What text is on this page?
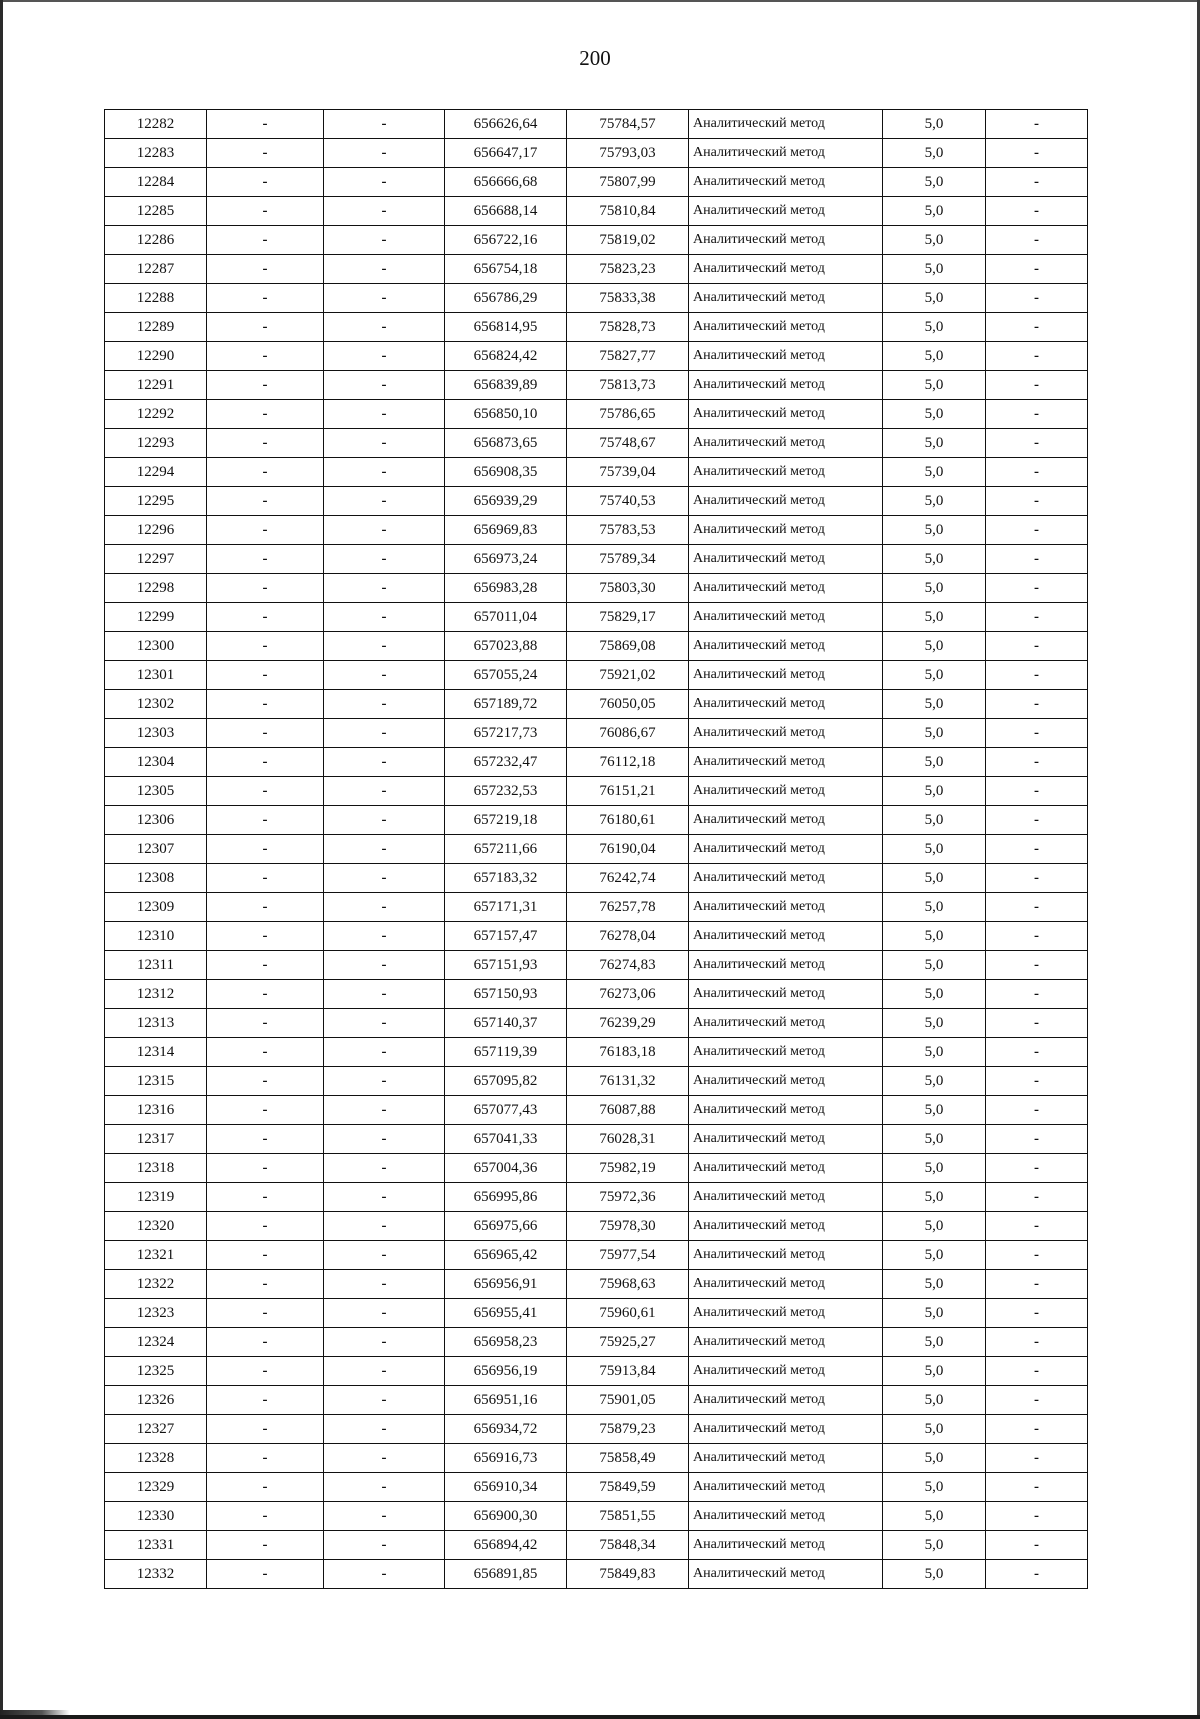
200
12282	-	-	656626,64	75784,57	Аналитический метод	5,0	-
12283	-	-	656647,17	75793,03	Аналитический метод	5,0	-
12284	-	-	656666,68	75807,99	Аналитический метод	5,0	-
12285	-	-	656688,14	75810,84	Аналитический метод	5,0	-
12286	-	-	656722,16	75819,02	Аналитический метод	5,0	-
12287	-	-	656754,18	75823,23	Аналитический метод	5,0	-
12288	-	-	656786,29	75833,38	Аналитический метод	5,0	-
12289	-	-	656814,95	75828,73	Аналитический метод	5,0	-
12290	-	-	656824,42	75827,77	Аналитический метод	5,0	-
12291	-	-	656839,89	75813,73	Аналитический метод	5,0	-
12292	-	-	656850,10	75786,65	Аналитический метод	5,0	-
12293	-	-	656873,65	75748,67	Аналитический метод	5,0	-
12294	-	-	656908,35	75739,04	Аналитический метод	5,0	-
12295	-	-	656939,29	75740,53	Аналитический метод	5,0	-
12296	-	-	656969,83	75783,53	Аналитический метод	5,0	-
12297	-	-	656973,24	75789,34	Аналитический метод	5,0	-
12298	-	-	656983,28	75803,30	Аналитический метод	5,0	-
12299	-	-	657011,04	75829,17	Аналитический метод	5,0	-
12300	-	-	657023,88	75869,08	Аналитический метод	5,0	-
12301	-	-	657055,24	75921,02	Аналитический метод	5,0	-
12302	-	-	657189,72	76050,05	Аналитический метод	5,0	-
12303	-	-	657217,73	76086,67	Аналитический метод	5,0	-
12304	-	-	657232,47	76112,18	Аналитический метод	5,0	-
12305	-	-	657232,53	76151,21	Аналитический метод	5,0	-
12306	-	-	657219,18	76180,61	Аналитический метод	5,0	-
12307	-	-	657211,66	76190,04	Аналитический метод	5,0	-
12308	-	-	657183,32	76242,74	Аналитический метод	5,0	-
12309	-	-	657171,31	76257,78	Аналитический метод	5,0	-
12310	-	-	657157,47	76278,04	Аналитический метод	5,0	-
12311	-	-	657151,93	76274,83	Аналитический метод	5,0	-
12312	-	-	657150,93	76273,06	Аналитический метод	5,0	-
12313	-	-	657140,37	76239,29	Аналитический метод	5,0	-
12314	-	-	657119,39	76183,18	Аналитический метод	5,0	-
12315	-	-	657095,82	76131,32	Аналитический метод	5,0	-
12316	-	-	657077,43	76087,88	Аналитический метод	5,0	-
12317	-	-	657041,33	76028,31	Аналитический метод	5,0	-
12318	-	-	657004,36	75982,19	Аналитический метод	5,0	-
12319	-	-	656995,86	75972,36	Аналитический метод	5,0	-
12320	-	-	656975,66	75978,30	Аналитический метод	5,0	-
12321	-	-	656965,42	75977,54	Аналитический метод	5,0	-
12322	-	-	656956,91	75968,63	Аналитический метод	5,0	-
12323	-	-	656955,41	75960,61	Аналитический метод	5,0	-
12324	-	-	656958,23	75925,27	Аналитический метод	5,0	-
12325	-	-	656956,19	75913,84	Аналитический метод	5,0	-
12326	-	-	656951,16	75901,05	Аналитический метод	5,0	-
12327	-	-	656934,72	75879,23	Аналитический метод	5,0	-
12328	-	-	656916,73	75858,49	Аналитический метод	5,0	-
12329	-	-	656910,34	75849,59	Аналитический метод	5,0	-
12330	-	-	656900,30	75851,55	Аналитический метод	5,0	-
12331	-	-	656894,42	75848,34	Аналитический метод	5,0	-
12332	-	-	656891,85	75849,83	Аналитический метод	5,0	-
